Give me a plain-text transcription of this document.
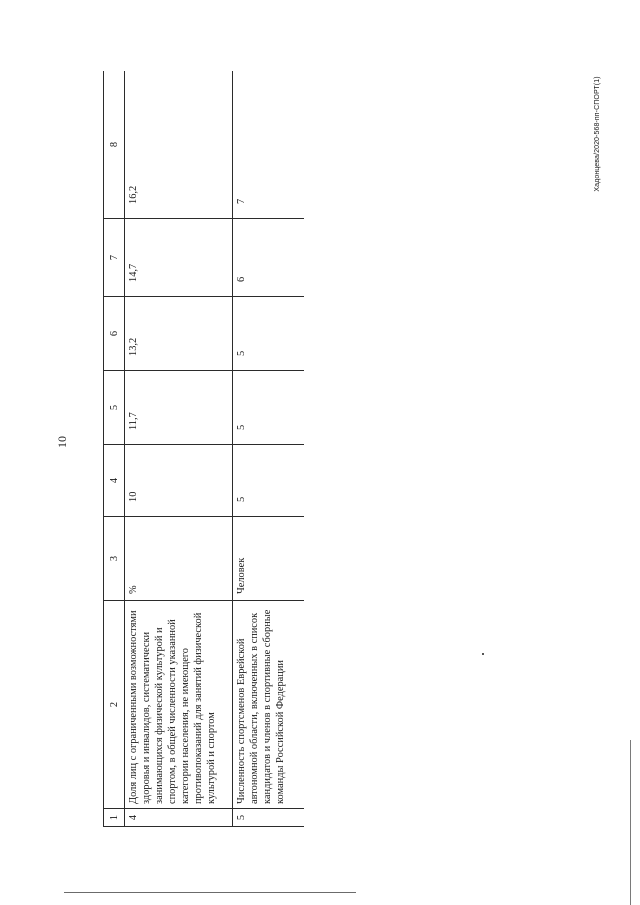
10
Хадонцева/2020-568-пп-СПОРТ(1)
1	2	3	4	5	6	7	8
4	Доля лиц с ограниченными возможностями здоровья и инвалидов, систематически занимающихся физической культурой и спортом, в общей численности указанной категории населения, не имеющего противопоказаний для занятий физической культурой и спортом	%	10	11,7	13,2	14,7	16,2
5	Численность спортсменов Еврейской автономной области, включенных в список кандидатов и членов в спортивные сборные команды Российской Федерации	Человек	5	5	5	6	7
